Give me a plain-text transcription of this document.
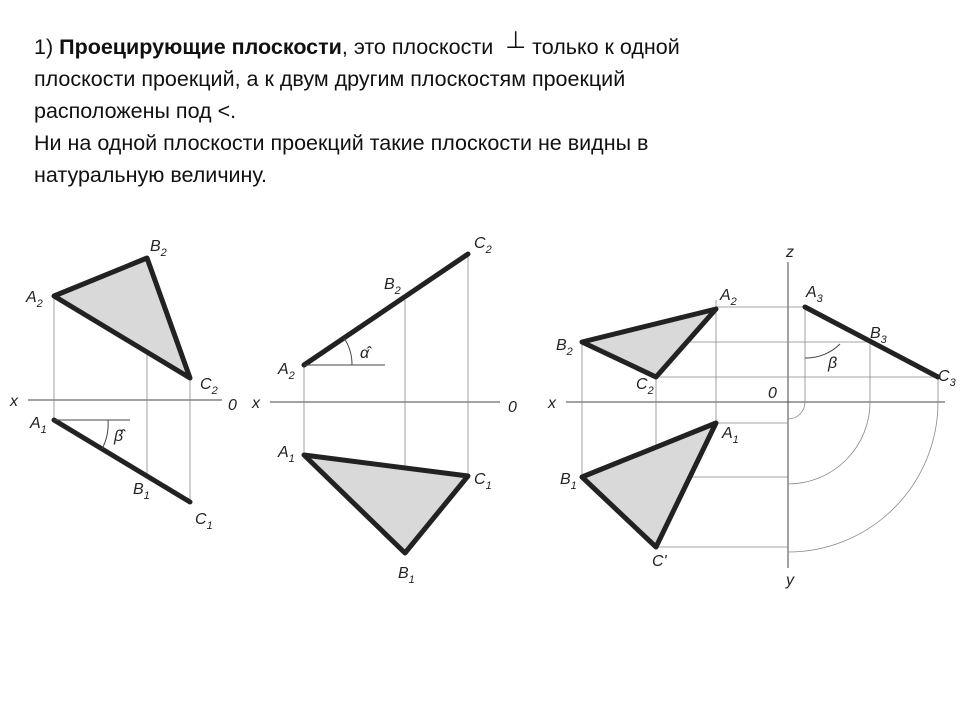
1) Проецирующие плоскости, это плоскости ⊥ только к одной
плоскости проекций, а к двум другим плоскостям проекций
расположены под <.

Ни на одной плоскости проекций такие плоскости не видны в
натуральную величину.

x	0
β̂
$A_2$
$B_2$
$C_2$
$A_1$
$B_1$
$C_1$
x	0
α̂
$A_2$
$B_2$
$C_2$
$A_1$
$C_1$
$B_1$
x
z
y
0
β
$A_2$
$B_2$
$C_2$
$A_3$
$B_3$
$C_3$
$A_1$
$B_1$
C'
